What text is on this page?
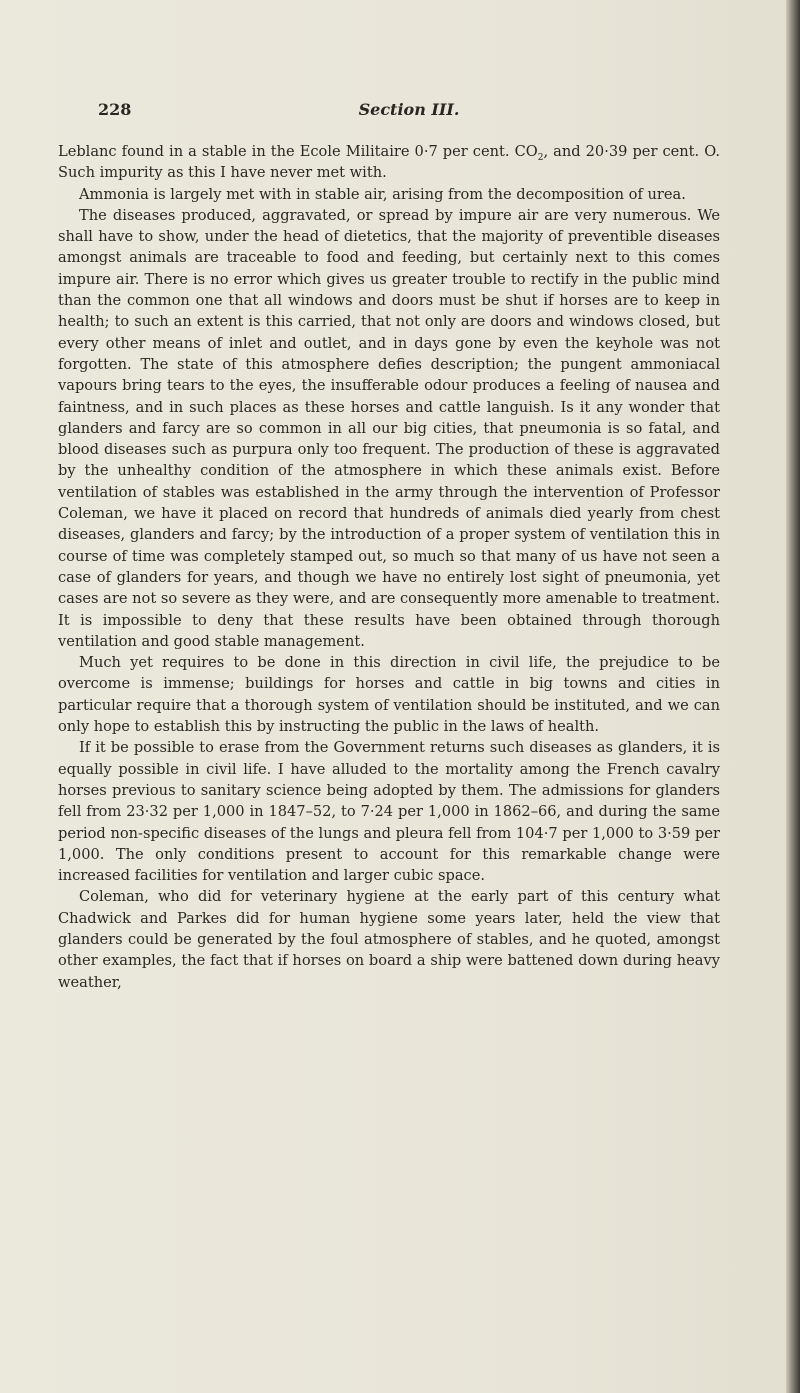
228	Section III.

Leblanc found in a stable in the Ecole Militaire 0·7 per cent. $CO_2$, and 20·39 per cent. O. Such impurity as this I have never met with.

Ammonia is largely met with in stable air, arising from the decomposition of urea.

The diseases produced, aggravated, or spread by impure air are very numerous. We shall have to show, under the head of dietetics, that the majority of preventible diseases amongst animals are traceable to food and feeding, but certainly next to this comes impure air. There is no error which gives us greater trouble to rectify in the public mind than the common one that all windows and doors must be shut if horses are to keep in health; to such an extent is this carried, that not only are doors and windows closed, but every other means of inlet and outlet, and in days gone by even the keyhole was not forgotten. The state of this atmosphere defies description; the pungent ammoniacal vapours bring tears to the eyes, the insufferable odour produces a feeling of nausea and faintness, and in such places as these horses and cattle languish. Is it any wonder that glanders and farcy are so common in all our big cities, that pneumonia is so fatal, and blood diseases such as purpura only too frequent. The production of these is aggravated by the unhealthy condition of the atmosphere in which these animals exist. Before ventilation of stables was established in the army through the intervention of Professor Coleman, we have it placed on record that hundreds of animals died yearly from chest diseases, glanders and farcy; by the introduction of a proper system of ventilation this in course of time was completely stamped out, so much so that many of us have not seen a case of glanders for years, and though we have no entirely lost sight of pneumonia, yet cases are not so severe as they were, and are consequently more amenable to treatment. It is impossible to deny that these results have been obtained through thorough ventilation and good stable management.

Much yet requires to be done in this direction in civil life, the prejudice to be overcome is immense; buildings for horses and cattle in big towns and cities in particular require that a thorough system of ventilation should be instituted, and we can only hope to establish this by instructing the public in the laws of health.

If it be possible to erase from the Government returns such diseases as glanders, it is equally possible in civil life. I have alluded to the mortality among the French cavalry horses previous to sanitary science being adopted by them. The admissions for glanders fell from 23·32 per 1,000 in 1847–52, to 7·24 per 1,000 in 1862–66, and during the same period non-specific diseases of the lungs and pleura fell from 104·7 per 1,000 to 3·59 per 1,000. The only conditions present to account for this remarkable change were increased facilities for ventilation and larger cubic space.

Coleman, who did for veterinary hygiene at the early part of this century what Chadwick and Parkes did for human hygiene some years later, held the view that glanders could be generated by the foul atmosphere of stables, and he quoted, amongst other examples, the fact that if horses on board a ship were battened down during heavy weather,
